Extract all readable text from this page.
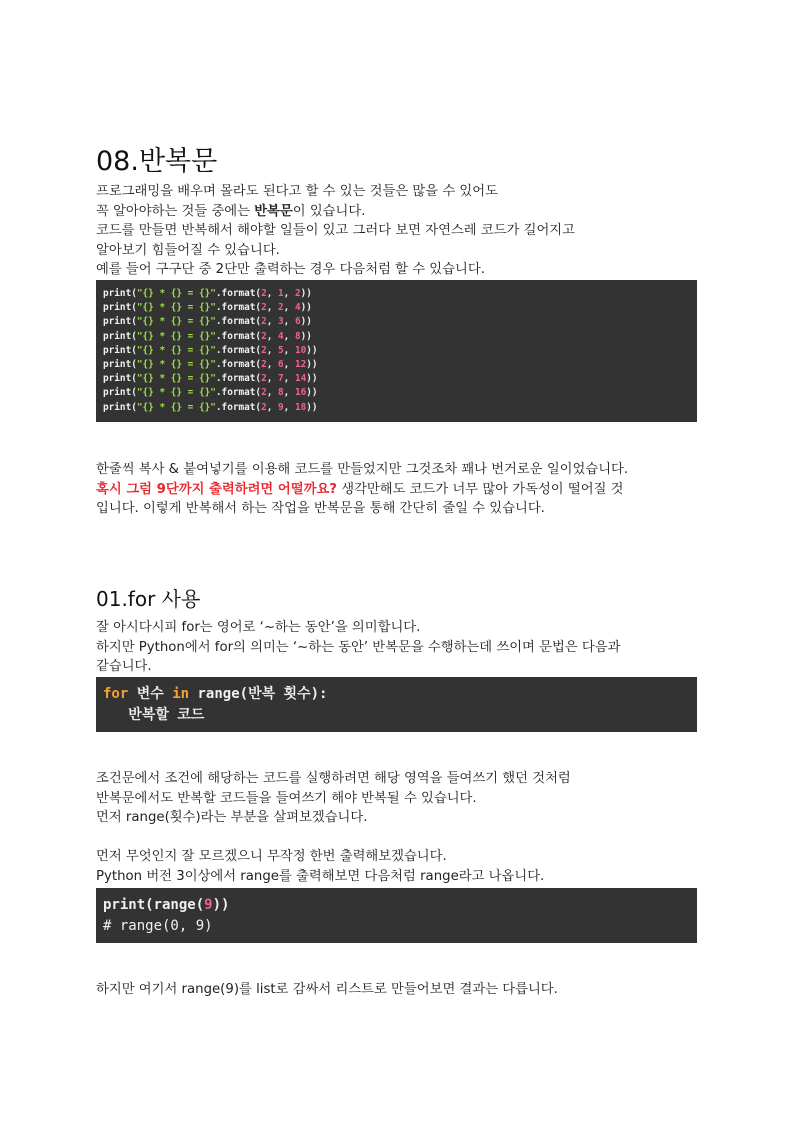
08.반복문
프로그래밍을 배우며 몰라도 된다고 할 수 있는 것들은 많을 수 있어도
꼭 알아야하는 것들 중에는 반복문이 있습니다.
코드를 만들면 반복해서 해야할 일들이 있고 그러다 보면 자연스레 코드가 길어지고
알아보기 힘들어질 수 있습니다.
예를 들어 구구단 중 2단만 출력하는 경우 다음처럼 할 수 있습니다.
print("{} * {} = {}".format(2, 1, 2))
print("{} * {} = {}".format(2, 2, 4))
print("{} * {} = {}".format(2, 3, 6))
print("{} * {} = {}".format(2, 4, 8))
print("{} * {} = {}".format(2, 5, 10))
print("{} * {} = {}".format(2, 6, 12))
print("{} * {} = {}".format(2, 7, 14))
print("{} * {} = {}".format(2, 8, 16))
print("{} * {} = {}".format(2, 9, 18))
한줄씩 복사 & 붙여넣기를 이용해 코드를 만들었지만 그것조차 꽤나 번거로운 일이었습니다.
혹시 그럼 9단까지 출력하려면 어떨까요? 생각만해도 코드가 너무 많아 가독성이 떨어질 것
입니다. 이렇게 반복해서 하는 작업을 반복문을 통해 간단히 줄일 수 있습니다.
01.for 사용
잘 아시다시피 for는 영어로 ‘~하는 동안’을 의미합니다.
하지만 Python에서 for의 의미는 ‘~하는 동안’ 반복문을 수행하는데 쓰이며 문법은 다음과
같습니다.
for 변수 in range(반복 횟수):
반복할 코드
조건문에서 조건에 해당하는 코드를 실행하려면 해당 영역을 들여쓰기 했던 것처럼
반복문에서도 반복할 코드들을 들여쓰기 해야 반복될 수 있습니다.
먼저 range(횟수)라는 부분을 살펴보겠습니다.
먼저 무엇인지 잘 모르겠으니 무작정 한번 출력해보겠습니다.
Python 버전 3이상에서 range를 출력해보면 다음처럼 range라고 나옵니다.
print(range(9))
# range(0, 9)
하지만 여기서 range(9)를 list로 감싸서 리스트로 만들어보면 결과는 다릅니다.
